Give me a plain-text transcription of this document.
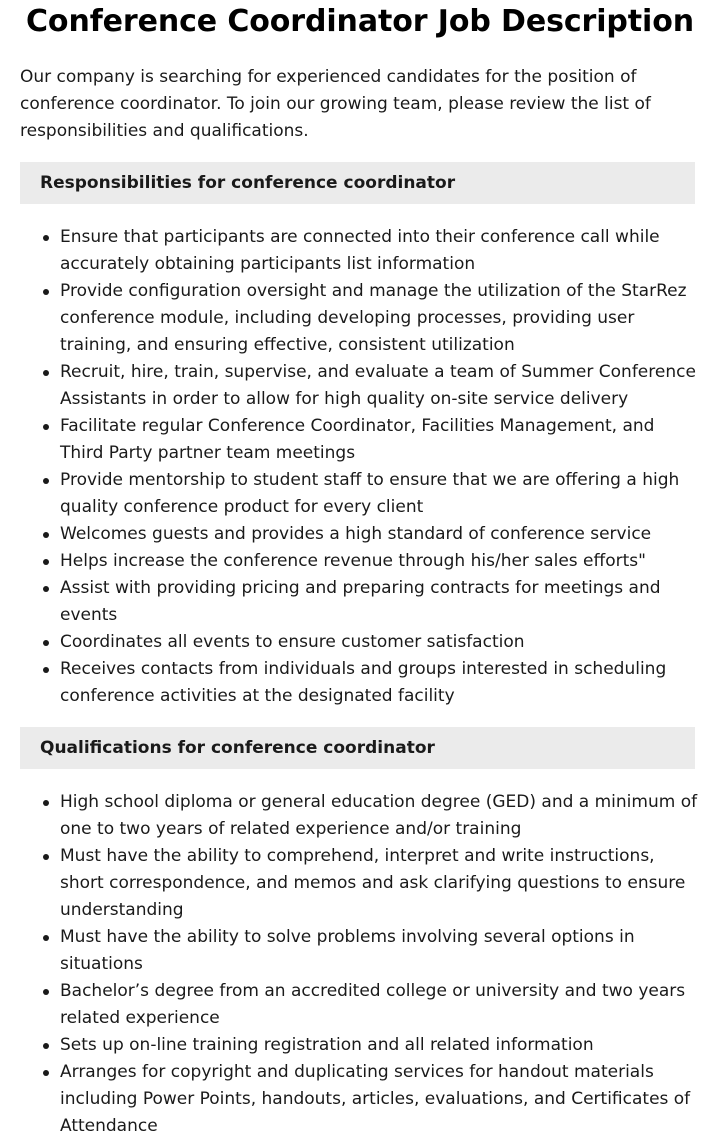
Conference Coordinator Job Description

Our company is searching for experienced candidates for the position of conference coordinator. To join our growing team, please review the list of responsibilities and qualifications.

Responsibilities for conference coordinator
Ensure that participants are connected into their conference call while accurately obtaining participants list information
Provide configuration oversight and manage the utilization of the StarRez conference module, including developing processes, providing user training, and ensuring effective, consistent utilization
Recruit, hire, train, supervise, and evaluate a team of Summer Conference Assistants in order to allow for high quality on-site service delivery
Facilitate regular Conference Coordinator, Facilities Management, and Third Party partner team meetings
Provide mentorship to student staff to ensure that we are offering a high quality conference product for every client
Welcomes guests and provides a high standard of conference service
Helps increase the conference revenue through his/her sales efforts"
Assist with providing pricing and preparing contracts for meetings and events
Coordinates all events to ensure customer satisfaction
Receives contacts from individuals and groups interested in scheduling conference activities at the designated facility
Qualifications for conference coordinator
High school diploma or general education degree (GED) and a minimum of one to two years of related experience and/or training
Must have the ability to comprehend, interpret and write instructions, short correspondence, and memos and ask clarifying questions to ensure understanding
Must have the ability to solve problems involving several options in situations
Bachelor’s degree from an accredited college or university and two years related experience
Sets up on-line training registration and all related information
Arranges for copyright and duplicating services for handout materials including Power Points, handouts, articles, evaluations, and Certificates of Attendance
